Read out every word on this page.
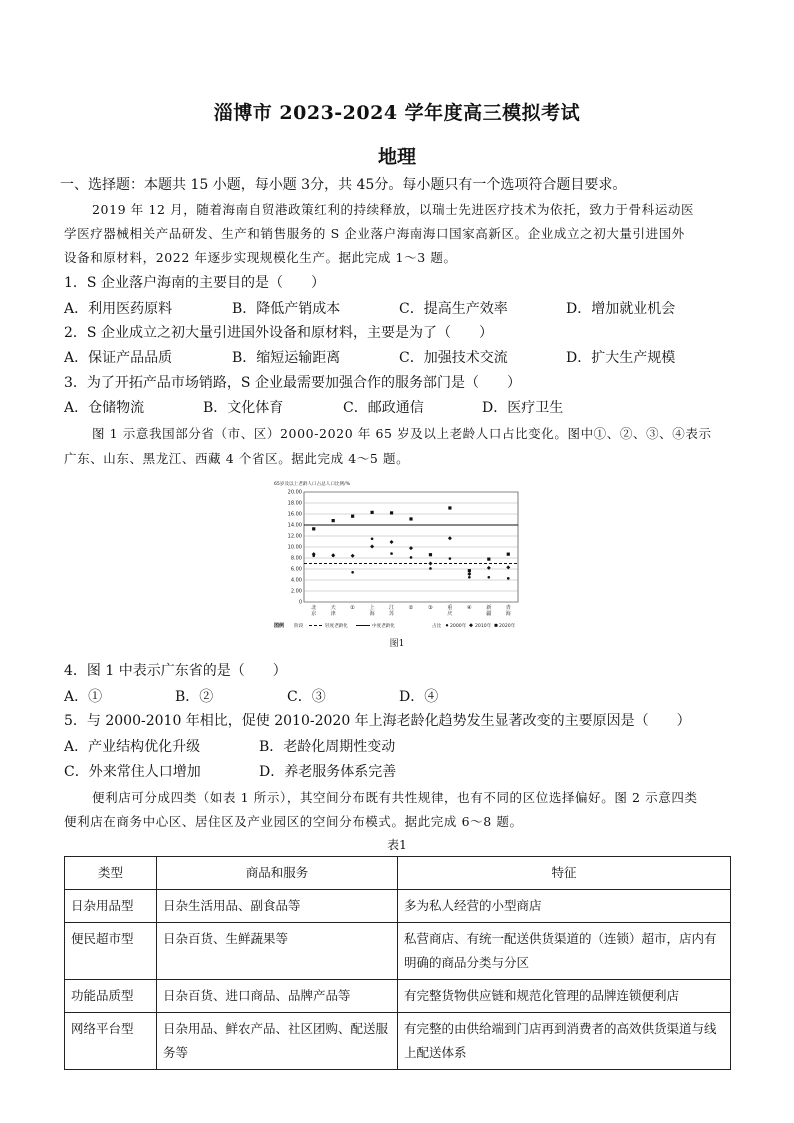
淄博市 2023-2024 学年度高三模拟考试
地理
一、选择题：本题共 15 小题，每小题 3分，共 45分。每小题只有一个选项符合题目要求。
2019 年 12 月，随着海南自贸港政策红利的持续释放，以瑞士先进医疗技术为依托，致力于骨科运动医
学医疗器械相关产品研发、生产和销售服务的 S 企业落户海南海口国家高新区。企业成立之初大量引进国外
设备和原材料，2022 年逐步实现规模化生产。据此完成 1～3 题。
1．S 企业落户海南的主要目的是（　　）
A．利用医药原料	B．降低产销成本	C．提高生产效率	D．增加就业机会
2．S 企业成立之初大量引进国外设备和原材料，主要是为了（　　）
A．保证产品品质	B．缩短运输距离	C．加强技术交流	D．扩大生产规模
3．为了开拓产品市场销路，S 企业最需要加强合作的服务部门是（　　）
A．仓储物流	B．文化体育	C．邮政通信	D．医疗卫生
图 1 示意我国部分省（市、区）2000-2020 年 65 岁及以上老龄人口占比变化。图中①、②、③、④表示
广东、山东、黑龙江、西藏 4 个省区。据此完成 4～5 题。
65岁及以上老龄人口占总人口比例/%
0
2.00
4.00
6.00
8.00
10.00
12.00
14.00
16.00
18.00
20.00
北
京
天
津
①	上
海
江
苏
②	③	重
庆
④	新
疆
青
海
图例 阶段	轻度老龄化	中度老龄化	占比 2000年 2010年 2020年
图1
4．图 1 中表示广东省的是（　　）
A．①	B．②	C．③	D．④
5．与 2000-2010 年相比，促使 2010-2020 年上海老龄化趋势发生显著改变的主要原因是（　　）
A．产业结构优化升级	B．老龄化周期性变动
C．外来常住人口增加	D．养老服务体系完善
便利店可分成四类（如表 1 所示），其空间分布既有共性规律，也有不同的区位选择偏好。图 2 示意四类
便利店在商务中心区、居住区及产业园区的空间分布模式。据此完成 6～8 题。
表1
类型	商品和服务	特征
日杂用品型	日杂生活用品、副食品等	多为私人经营的小型商店
便民超市型	日杂百货、生鲜蔬果等	私营商店、有统一配送供货渠道的（连锁）超市，店内有明确的商品分类与分区
功能品质型	日杂百货、进口商品、品牌产品等	有完整货物供应链和规范化管理的品牌连锁便利店
网络平台型	日杂用品、鲜农产品、社区团购、配送服务等	有完整的由供给端到门店再到消费者的高效供货渠道与线上配送体系
